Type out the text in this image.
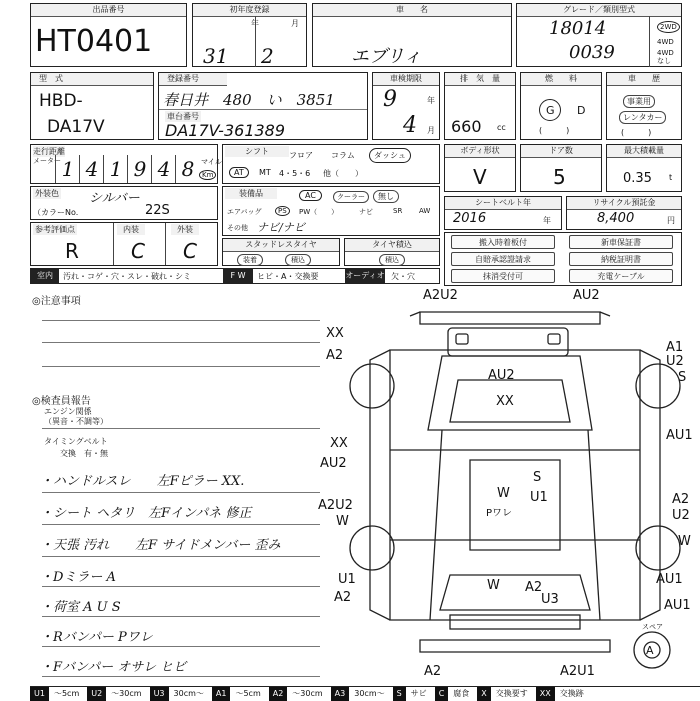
出品番号
HT0401
初年度登録
年	月
31 2
車　　名
エブリィ
グレード／類別型式
18014
0039
2WD
4WD
4WD
なし
型　式
HBD-
DA17V
登録番号
春日井　480　い　3851
車台番号
DA17V-361389
車検期限
9	年
4 月
排　気　量
660 cc
燃　　料
G D
(　　　)
車　　歴
事業用
レンタカー
(　　　)
走行距離
メーター 1 4 1 9 4 8 マイル
Km
シフト	フロア コラム	ダッシュ
AT	MT 4・5・6 他（　　）
ボディ形状
V
ドア数
5
最大積載量
0.35 t
外装色 シルバー
（カラーNo.	22S
装備品	AC	クーラー	無し
エアバッグ	PS	PW（　　）	ナビ	SR AW
その他 ナビ/ナビ
シートベルト年
2016	年
リサイクル預託金
8,400	円
参考評価点	内装	外装
R	C C	スタッドレスタイヤ
装着	積込
タイヤ積込
積込
搬入時着板付
自賠承認證請求
抹消受付可
新車保証書
納税証明書
充電ケーブル
室内	汚れ・コゲ・穴・スレ・破れ・シミ	F W	ヒビ・A・交換要	オーディオ 欠・穴
◎注意事項
◎検査員報告
エンジン関係
（異音・不調等）
タイミングベルト
交換　有・無
・ハンドルスレ　　左Fピラー XX.
・シート ヘタリ　左Fインパネ 修正
・天張 汚れ　　左F サイドメンバー 歪み
・Dミラー A
・荷室 A U S
・Rバンパー Pワレ
・Fバンパー オサレ ヒビ
A2U2	AU2
XX
A2
A1
U2
S
AU2
XX
AU1
XX
AU2
W
S
U1
W
Pワレ
A2U2	A2
U2
W
AU1
U1
A2
W A2
U3	AU1
A2	A2U1
スペア
A
U1	～5cm	U2	～30cm	U3	30cm～	A1	～5cm	A2	～30cm	A3	30cm～	S	サビ	C	腐食	X	交換要す	XX	交換跡
